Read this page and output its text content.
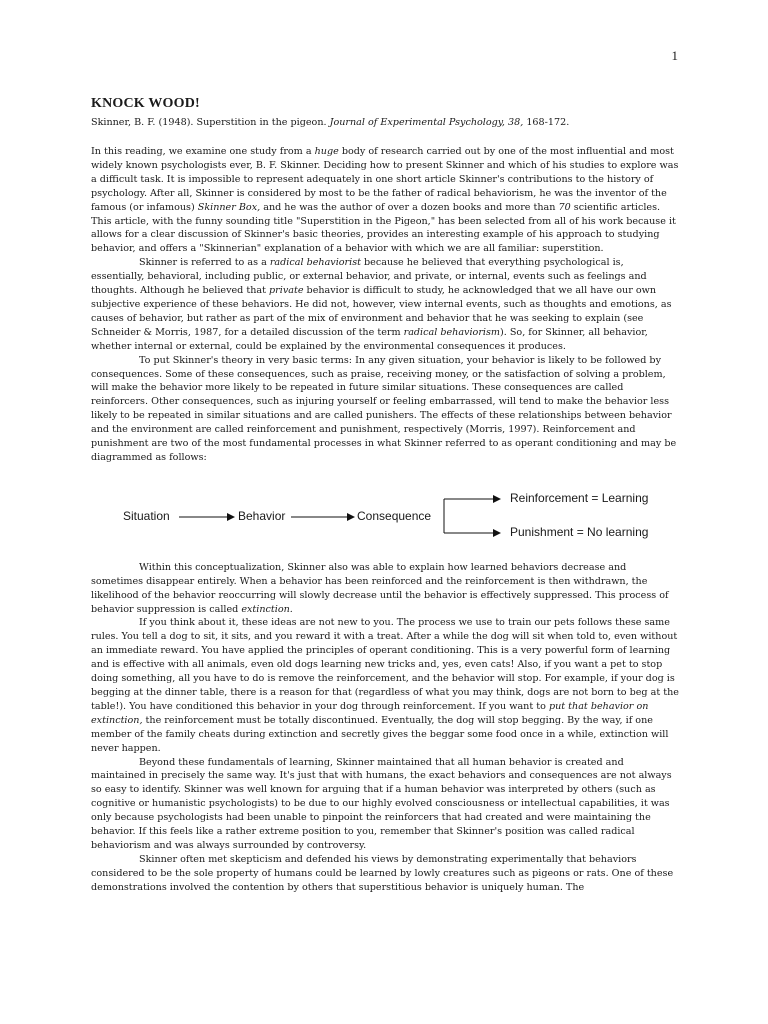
1
KNOCK WOOD!

Skinner, B. F. (1948). Superstition in the pigeon. Journal of Experimental Psychology, 38, 168-172.

In this reading, we examine one study from a huge body of research carried out by one of the most influential and most widely known psychologists ever, B. F. Skinner. Deciding how to present Skinner and which of his studies to explore was a difficult task. It is impossible to represent adequately in one short article Skinner's contributions to the history of psychology. After all, Skinner is considered by most to be the father of radical behaviorism, he was the inventor of the famous (or infamous) Skinner Box, and he was the author of over a dozen books and more than 70 scientific articles. This article, with the funny sounding title "Superstition in the Pigeon," has been selected from all of his work because it allows for a clear discussion of Skinner's basic theories, provides an interesting example of his approach to studying behavior, and offers a "Skinnerian" explanation of a behavior with which we are all familiar: superstition.

Skinner is referred to as a radical behaviorist because he believed that everything psychological is, essentially, behavioral, including public, or external behavior, and private, or internal, events such as feelings and thoughts. Although he believed that private behavior is difficult to study, he acknowledged that we all have our own subjective experience of these behaviors. He did not, however, view internal events, such as thoughts and emotions, as causes of behavior, but rather as part of the mix of environment and behavior that he was seeking to explain (see Schneider & Morris, 1987, for a detailed discussion of the term radical behaviorism). So, for Skinner, all behavior, whether internal or external, could be explained by the environmental consequences it produces.

To put Skinner's theory in very basic terms: In any given situation, your behavior is likely to be followed by consequences. Some of these consequences, such as praise, receiving money, or the satisfaction of solving a problem, will make the behavior more likely to be repeated in future similar situations. These consequences are called reinforcers. Other consequences, such as injuring yourself or feeling embarrassed, will tend to make the behavior less likely to be repeated in similar situations and are called punishers. The effects of these relationships between behavior and the environment are called reinforcement and punishment, respectively (Morris, 1997). Reinforcement and punishment are two of the most fundamental processes in what Skinner referred to as operant conditioning and may be diagrammed as follows:

Situation	Behavior	Consequence
Reinforcement = Learning
Punishment = No learning

Within this conceptualization, Skinner also was able to explain how learned behaviors decrease and sometimes disappear entirely. When a behavior has been reinforced and the reinforcement is then withdrawn, the likelihood of the behavior reoccurring will slowly decrease until the behavior is effectively suppressed. This process of behavior suppression is called extinction.

If you think about it, these ideas are not new to you. The process we use to train our pets follows these same rules. You tell a dog to sit, it sits, and you reward it with a treat. After a while the dog will sit when told to, even without an immediate reward. You have applied the principles of operant conditioning. This is a very powerful form of learning and is effective with all animals, even old dogs learning new tricks and, yes, even cats! Also, if you want a pet to stop doing something, all you have to do is remove the reinforcement, and the behavior will stop. For example, if your dog is begging at the dinner table, there is a reason for that (regardless of what you may think, dogs are not born to beg at the table!). You have conditioned this behavior in your dog through reinforcement. If you want to put that behavior on extinction, the reinforcement must be totally discontinued. Eventually, the dog will stop begging. By the way, if one member of the family cheats during extinction and secretly gives the beggar some food once in a while, extinction will never happen.

Beyond these fundamentals of learning, Skinner maintained that all human behavior is created and maintained in precisely the same way. It's just that with humans, the exact behaviors and consequences are not always so easy to identify. Skinner was well known for arguing that if a human behavior was interpreted by others (such as cognitive or humanistic psychologists) to be due to our highly evolved consciousness or intellectual capabilities, it was only because psychologists had been unable to pinpoint the reinforcers that had created and were maintaining the behavior. If this feels like a rather extreme position to you, remember that Skinner's position was called radical behaviorism and was always surrounded by controversy.

Skinner often met skepticism and defended his views by demonstrating experimentally that behaviors considered to be the sole property of humans could be learned by lowly creatures such as pigeons or rats. One of these demonstrations involved the contention by others that superstitious behavior is uniquely human. The
